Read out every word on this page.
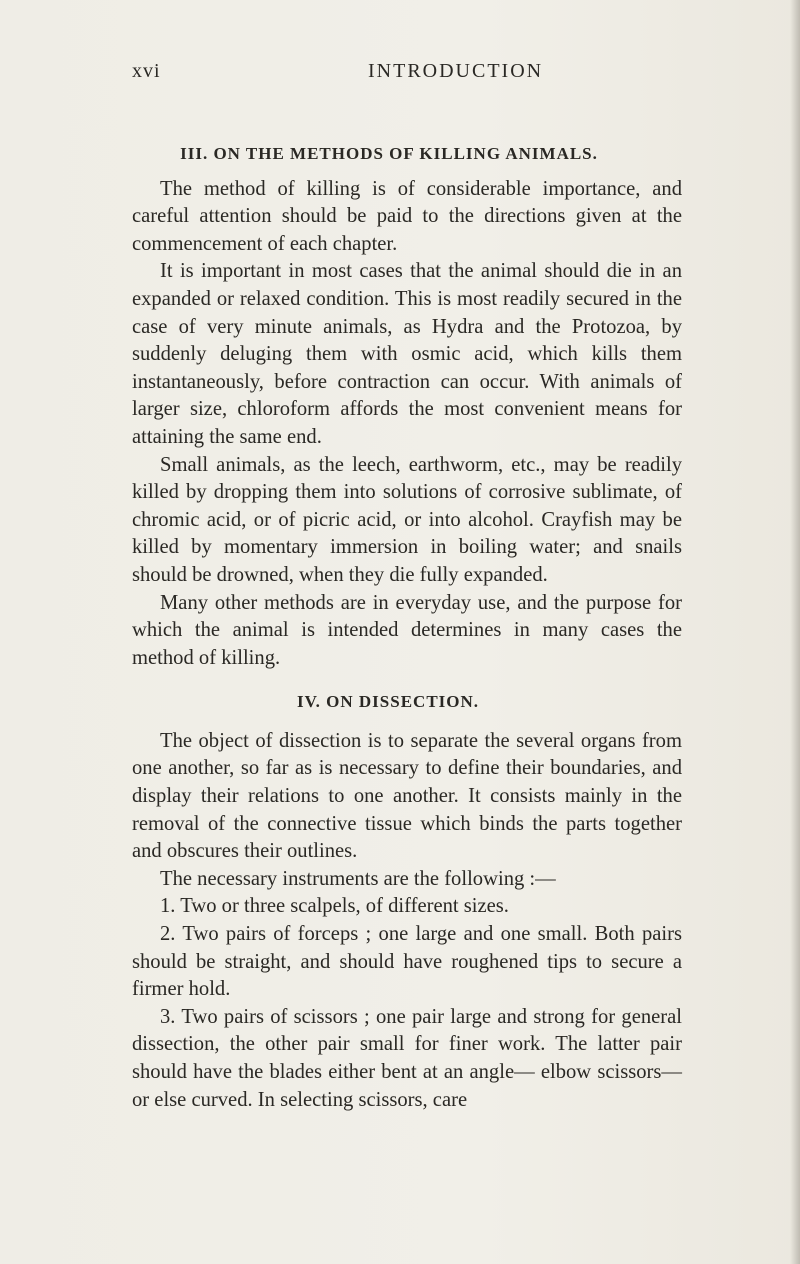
xvi	INTRODUCTION
III. ON THE METHODS OF KILLING ANIMALS.

The method of killing is of considerable importance, and careful attention should be paid to the directions given at the commencement of each chapter.

It is important in most cases that the animal should die in an expanded or relaxed condition. This is most readily secured in the case of very minute animals, as Hydra and the Protozoa, by suddenly deluging them with osmic acid, which kills them instantaneously, before contraction can occur. With animals of larger size, chloroform affords the most convenient means for attaining the same end.

Small animals, as the leech, earthworm, etc., may be readily killed by dropping them into solutions of corrosive sublimate, of chromic acid, or of picric acid, or into alcohol. Crayfish may be killed by momentary immersion in boiling water; and snails should be drowned, when they die fully expanded.

Many other methods are in everyday use, and the purpose for which the animal is intended determines in many cases the method of killing.

IV. ON DISSECTION.

The object of dissection is to separate the several organs from one another, so far as is necessary to define their boundaries, and display their relations to one another. It consists mainly in the removal of the connective tissue which binds the parts together and obscures their outlines.

The necessary instruments are the following :—

1. Two or three scalpels, of different sizes.

2. Two pairs of forceps ; one large and one small. Both pairs should be straight, and should have roughened tips to secure a firmer hold.

3. Two pairs of scissors ; one pair large and strong for general dissection, the other pair small for finer work. The latter pair should have the blades either bent at an angle— elbow scissors—or else curved. In selecting scissors, care
